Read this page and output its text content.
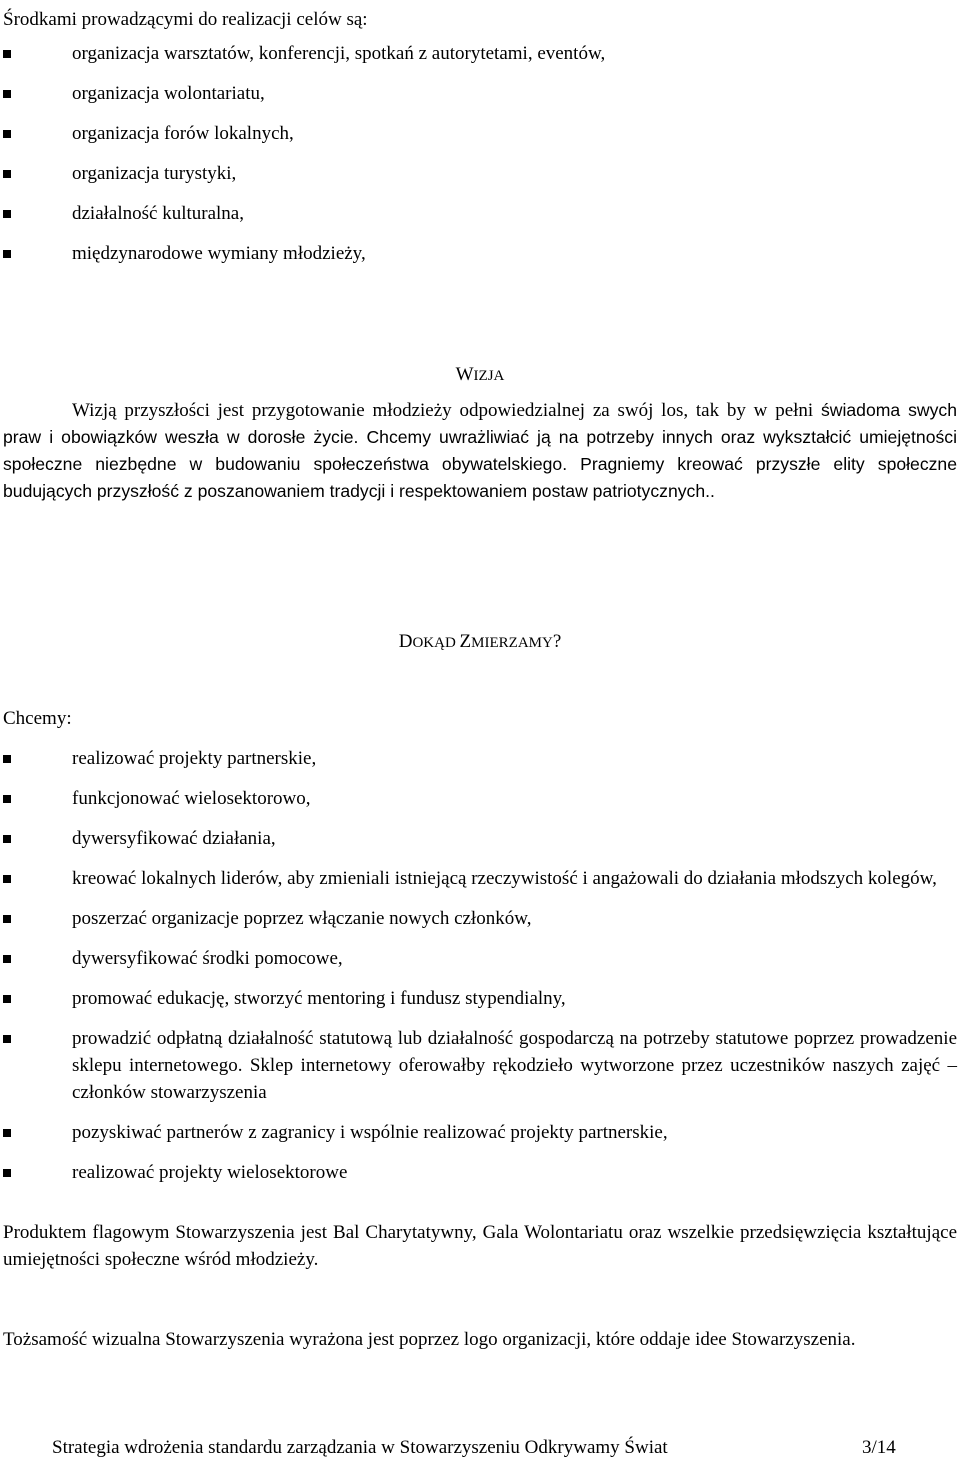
Środkami prowadzącymi do realizacji celów są:
organizacja warsztatów, konferencji, spotkań z autorytetami, eventów,
organizacja wolontariatu,
organizacja forów lokalnych,
organizacja turystyki,
działalność kulturalna,
międzynarodowe wymiany młodzieży,
WIZJA

Wizją przyszłości jest przygotowanie młodzieży odpowiedzialnej za swój los, tak by w pełni świadoma swych praw i obowiązków weszła w dorosłe życie. Chcemy uwrażliwiać ją na potrzeby innych oraz wykształcić umiejętności społeczne niezbędne w budowaniu społeczeństwa obywatelskiego. Pragniemy kreować przyszłe elity społeczne budujących przyszłość z poszanowaniem tradycji i respektowaniem postaw patriotycznych..

DOKĄD ZMIERZAMY?
Chcemy:
realizować projekty partnerskie,
funkcjonować wielosektorowo,
dywersyfikować działania,
kreować lokalnych liderów, aby zmieniali istniejącą rzeczywistość i angażowali do działania młodszych kolegów,
poszerzać organizacje poprzez włączanie nowych członków,
dywersyfikować środki pomocowe,
promować edukację, stworzyć mentoring i fundusz stypendialny,
prowadzić odpłatną działalność statutową lub działalność gospodarczą na potrzeby statutowe poprzez prowadzenie sklepu internetowego. Sklep internetowy oferowałby rękodzieło wytworzone przez uczestników naszych zajęć – członków stowarzyszenia
pozyskiwać partnerów z zagranicy i wspólnie realizować projekty partnerskie,
realizować projekty wielosektorowe

Produktem flagowym Stowarzyszenia jest Bal Charytatywny, Gala Wolontariatu oraz wszelkie przedsięwzięcia kształtujące umiejętności społeczne wśród młodzieży.

Tożsamość wizualna Stowarzyszenia wyrażona jest poprzez logo organizacji, które oddaje idee Stowarzyszenia.

Strategia wdrożenia standardu zarządzania w Stowarzyszeniu Odkrywamy Świat	3/14
